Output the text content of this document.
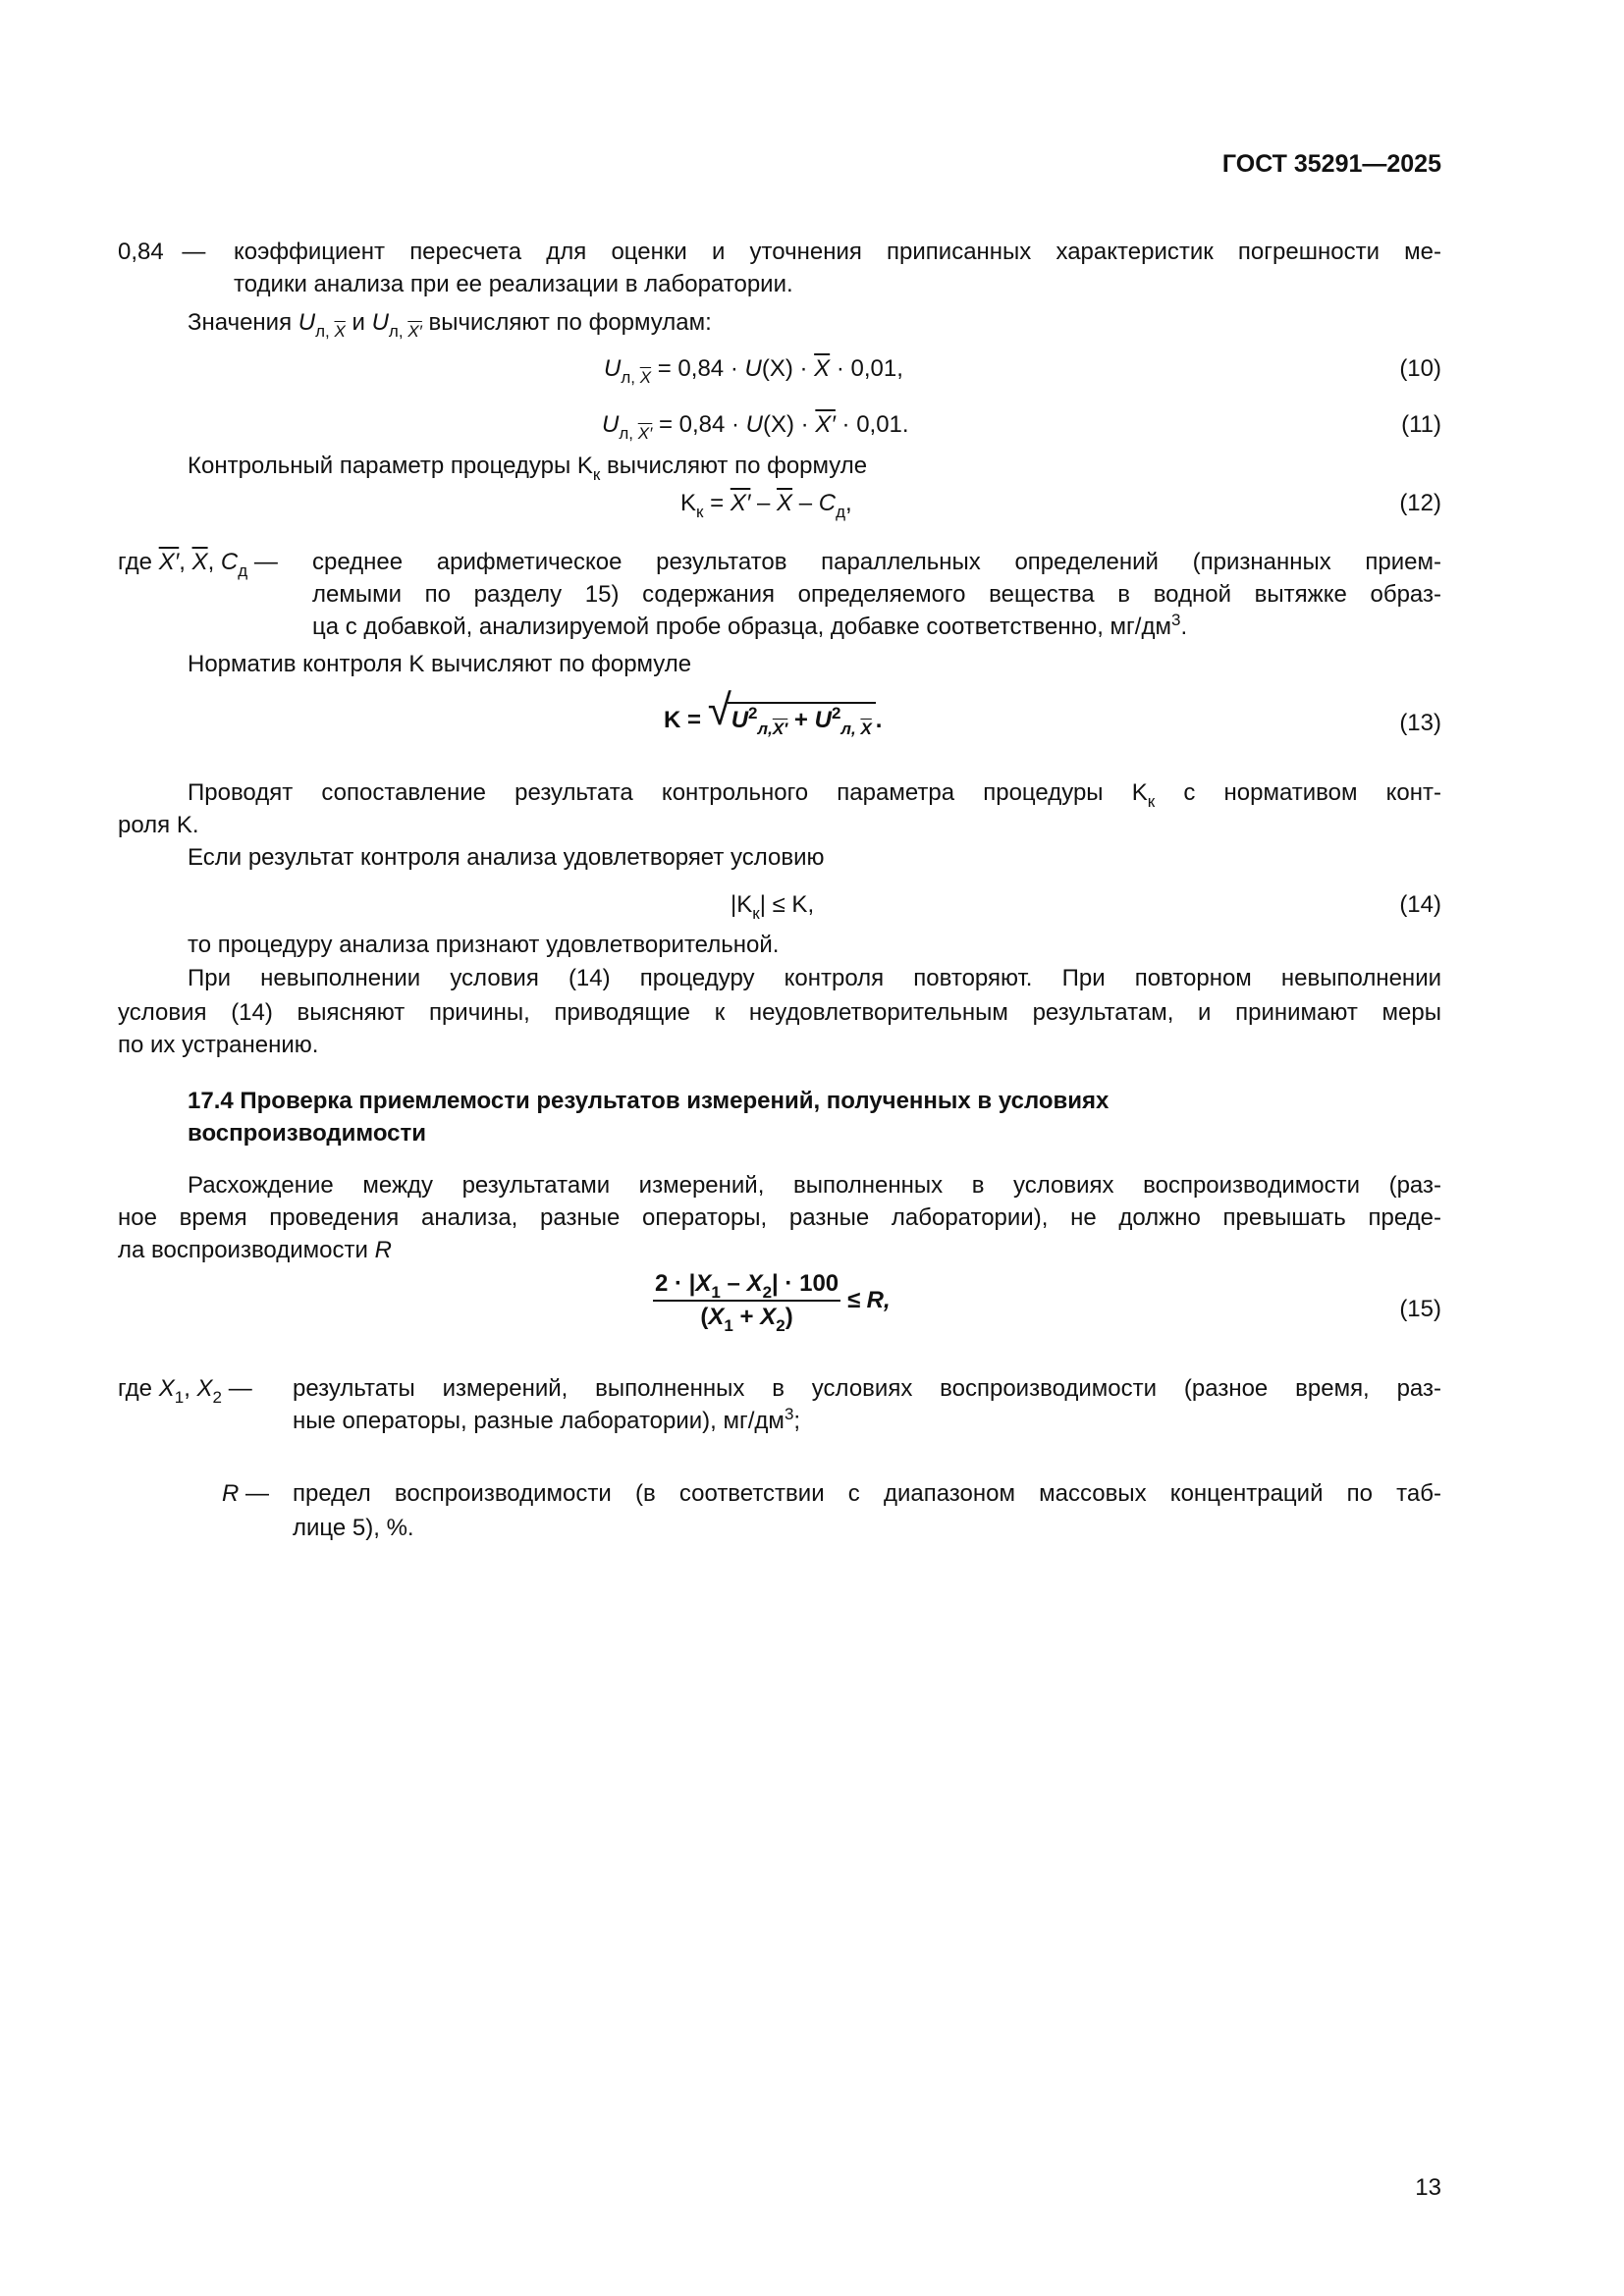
ГОСТ 35291—2025
0,84 — коэффициент пересчета для оценки и уточнения приписанных характеристик погрешности ме-
тодики анализа при ее реализации в лаборатории.
Значения $U_{л, \overline{X}}$ и $U_{л, X'}$ вычисляют по формулам:
$U_{л, \overline{X}} = 0,84 \cdot U(X) \cdot \overline{X} \cdot 0,01$,	(10)
$U_{л, X'} = 0,84 \cdot U(X) \cdot X' \cdot 0,01$.	(11)
Контрольный параметр процедуры $K_к$ вычисляют по формуле
$K_к = X' - \overline{X} - C_д$,	(12)
где X′, $\overline{X}$, $C_д$ — среднее арифметическое результатов параллельных определений (признанных прием-
лемыми по разделу 15) содержания определяемого вещества в водной вытяжке образ-
ца с добавкой, анализируемой пробе образца, добавке соответственно, $мг/дм^3$.
Норматив контроля K вычисляют по формуле
K = √ $U^2_{л,X'} + U^2_{л, \overline{X}}$ .	(13)
Проводят сопоставление результата контрольного параметра процедуры $K_к$ с нормативом конт-
роля K.
Если результат контроля анализа удовлетворяет условию
$|K_к| \le K$,	(14)
то процедуру анализа признают удовлетворительной.
При невыполнении условия (14) процедуру контроля повторяют. При повторном невыполнении
условия (14) выясняют причины, приводящие к неудовлетворительным результатам, и принимают меры
по их устранению.
17.4 Проверка приемлемости результатов измерений, полученных в условиях
воспроизводимости
Расхождение между результатами измерений, выполненных в условиях воспроизводимости (раз-
ное время проведения анализа, разные операторы, разные лаборатории), не должно превышать преде-
ла воспроизводимости R
$\frac{2 \cdot |X_1 - X_2| \cdot 100}{(X_1 + X_2)} \le R$,	(15)
где $X_1$, $X_2$ — результаты измерений, выполненных в условиях воспроизводимости (разное время, раз-
ные операторы, разные лаборатории), $мг/дм^3$;
R — предел воспроизводимости (в соответствии с диапазоном массовых концентраций по таб-
лице 5), %.
13
